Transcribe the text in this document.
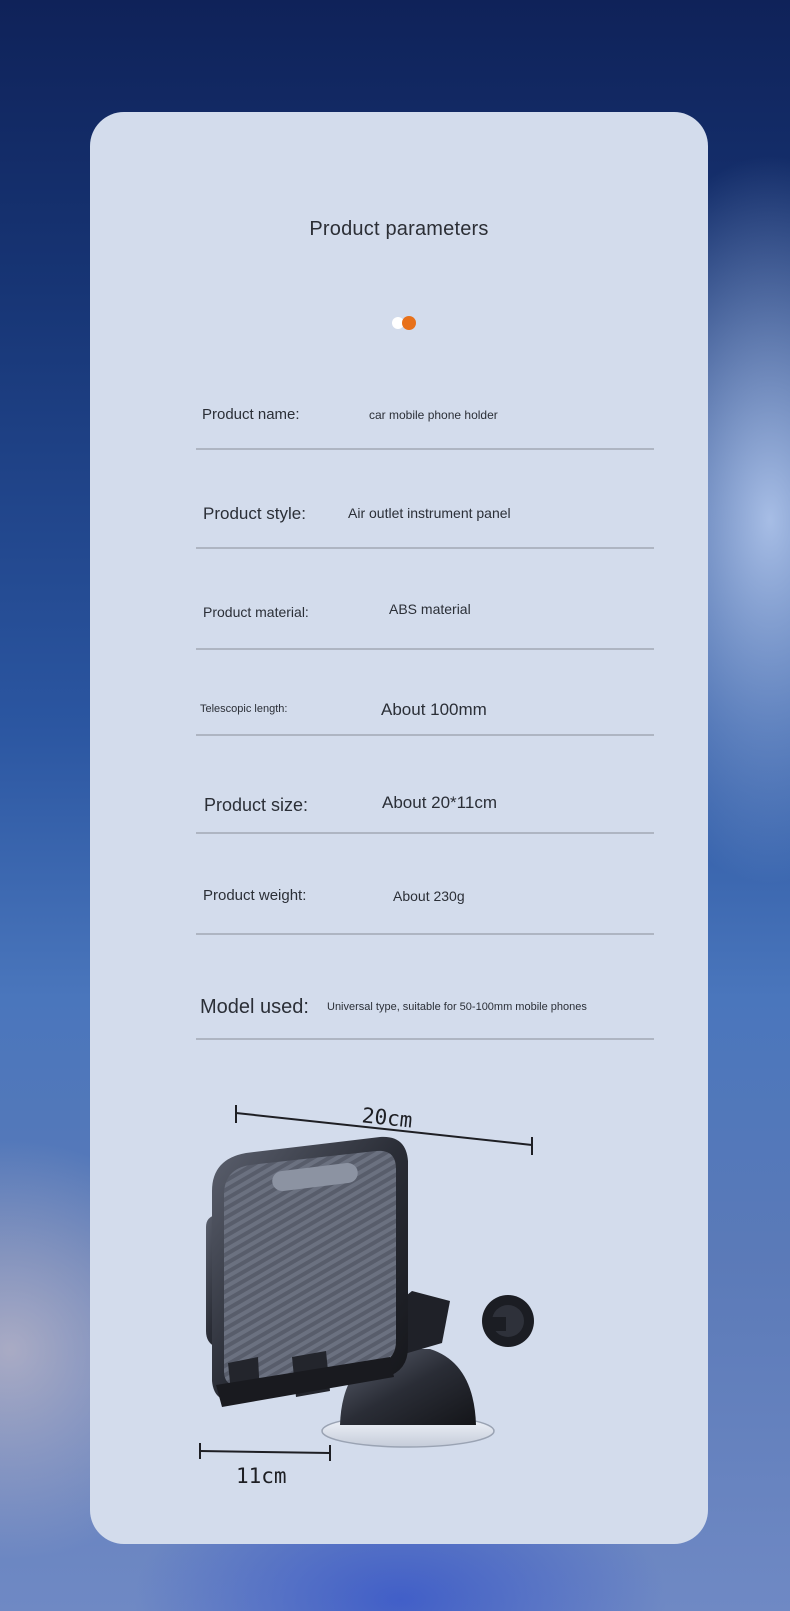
Product parameters
Product name:	car mobile phone holder
Product style:	Air outlet instrument panel
Product material:	ABS material
Telescopic length:	About 100mm
Product size:	About 20*11cm
Product weight:	About 230g
Model used: Universal type, suitable for 50-100mm mobile phones
20cm
11cm
